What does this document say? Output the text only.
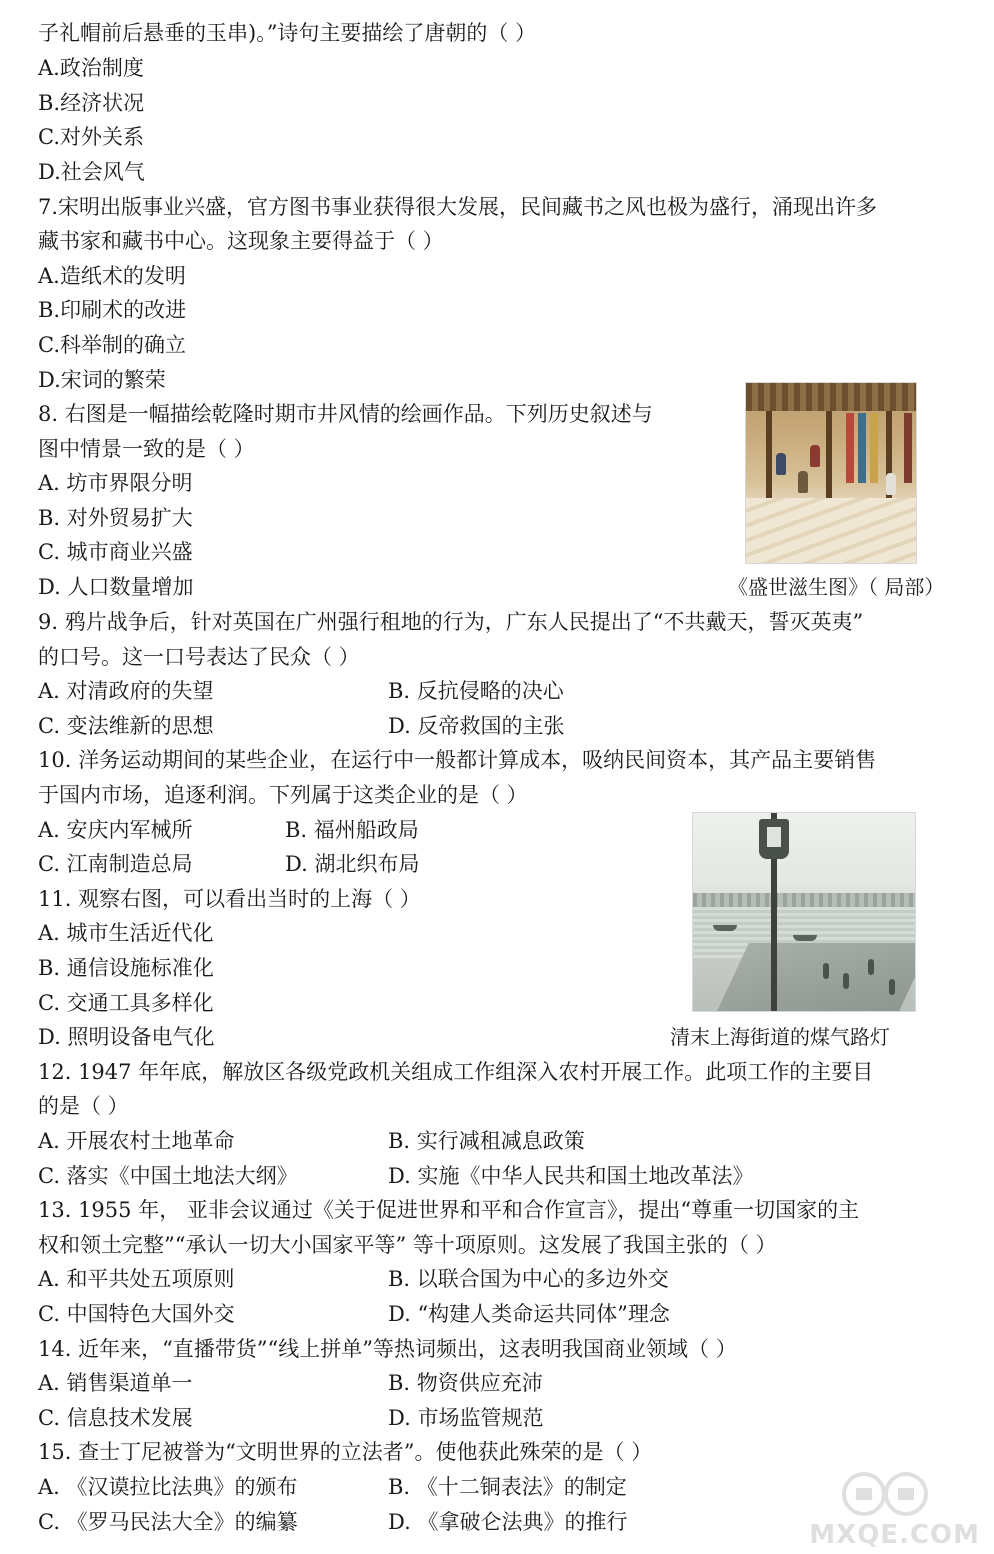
子礼帽前后悬垂的玉串)。”诗句主要描绘了唐朝的（ ）
A.政治制度
B.经济状况
C.对外关系
D.社会风气
7.宋明出版事业兴盛，官方图书事业获得很大发展，民间藏书之风也极为盛行，涌现出许多
藏书家和藏书中心。这现象主要得益于（ ）
A.造纸术的发明
B.印刷术的改进
C.科举制的确立
D.宋词的繁荣
8. 右图是一幅描绘乾隆时期市井风情的绘画作品。下列历史叙述与
图中情景一致的是（ ）
A. 坊市界限分明
B. 对外贸易扩大
C. 城市商业兴盛
D. 人口数量增加	《盛世滋生图》（ 局部）
9. 鸦片战争后，针对英国在广州强行租地的行为，广东人民提出了“不共戴天，誓灭英夷”
的口号。这一口号表达了民众（ ）
A. 对清政府的失望	B. 反抗侵略的决心
C. 变法维新的思想	D. 反帝救国的主张
10. 洋务运动期间的某些企业，在运行中一般都计算成本，吸纳民间资本，其产品主要销售
于国内市场，追逐利润。下列属于这类企业的是（ ）
A. 安庆内军械所	B. 福州船政局
C. 江南制造总局	D. 湖北织布局
11. 观察右图，可以看出当时的上海（ ）
A. 城市生活近代化
B. 通信设施标准化
C. 交通工具多样化
D. 照明设备电气化	清末上海街道的煤气路灯
12. 1947 年年底，解放区各级党政机关组成工作组深入农村开展工作。此项工作的主要目
的是（ ）
A. 开展农村土地革命	B. 实行减租减息政策
C. 落实《中国土地法大纲》	D. 实施《中华人民共和国土地改革法》
13. 1955 年， 亚非会议通过《关于促进世界和平和合作宣言》，提出“尊重一切国家的主
权和领土完整”“承认一切大小国家平等” 等十项原则。这发展了我国主张的（ ）
A. 和平共处五项原则	B. 以联合国为中心的多边外交
C. 中国特色大国外交	D. “构建人类命运共同体”理念
14. 近年来，“直播带货”“线上拼单”等热词频出，这表明我国商业领域（ ）
A. 销售渠道单一	B. 物资供应充沛
C. 信息技术发展	D. 市场监管规范
15. 查士丁尼被誉为“文明世界的立法者”。使他获此殊荣的是（ ）
A. 《汉谟拉比法典》的颁布	B. 《十二铜表法》的制定
C. 《罗马民法大全》的编纂	D. 《拿破仑法典》的推行	MXQE.COM
